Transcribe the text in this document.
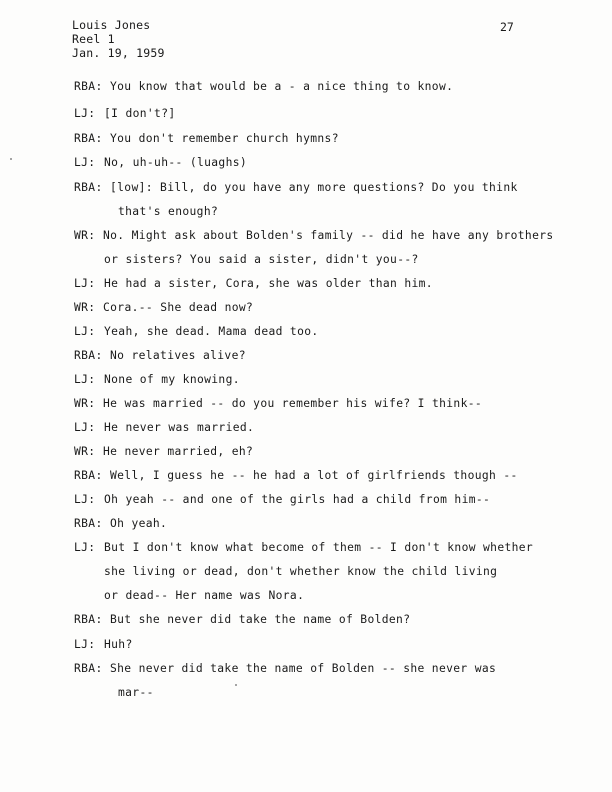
Louis Jones
Reel 1
Jan. 19, 1959
27
RBA: You know that would be a - a nice thing to know.
LJ: [I don't?]
RBA: You don't remember church hymns?
LJ: No, uh-uh-- (luaghs)
RBA: [low]: Bill, do you have any more questions? Do you think
that's enough?
WR: No. Might ask about Bolden's family -- did he have any brothers
or sisters? You said a sister, didn't you--?
LJ: He had a sister, Cora, she was older than him.
WR: Cora.-- She dead now?
LJ: Yeah, she dead. Mama dead too.
RBA: No relatives alive?
LJ: None of my knowing.
WR: He was married -- do you remember his wife? I think--
LJ: He never was married.
WR: He never married, eh?
RBA: Well, I guess he -- he had a lot of girlfriends though --
LJ: Oh yeah -- and one of the girls had a child from him--
RBA: Oh yeah.
LJ: But I don't know what become of them -- I don't know whether
she living or dead, don't whether know the child living
or dead-- Her name was Nora.
RBA: But she never did take the name of Bolden?
LJ: Huh?
RBA: She never did take the name of Bolden -- she never was
mar--
